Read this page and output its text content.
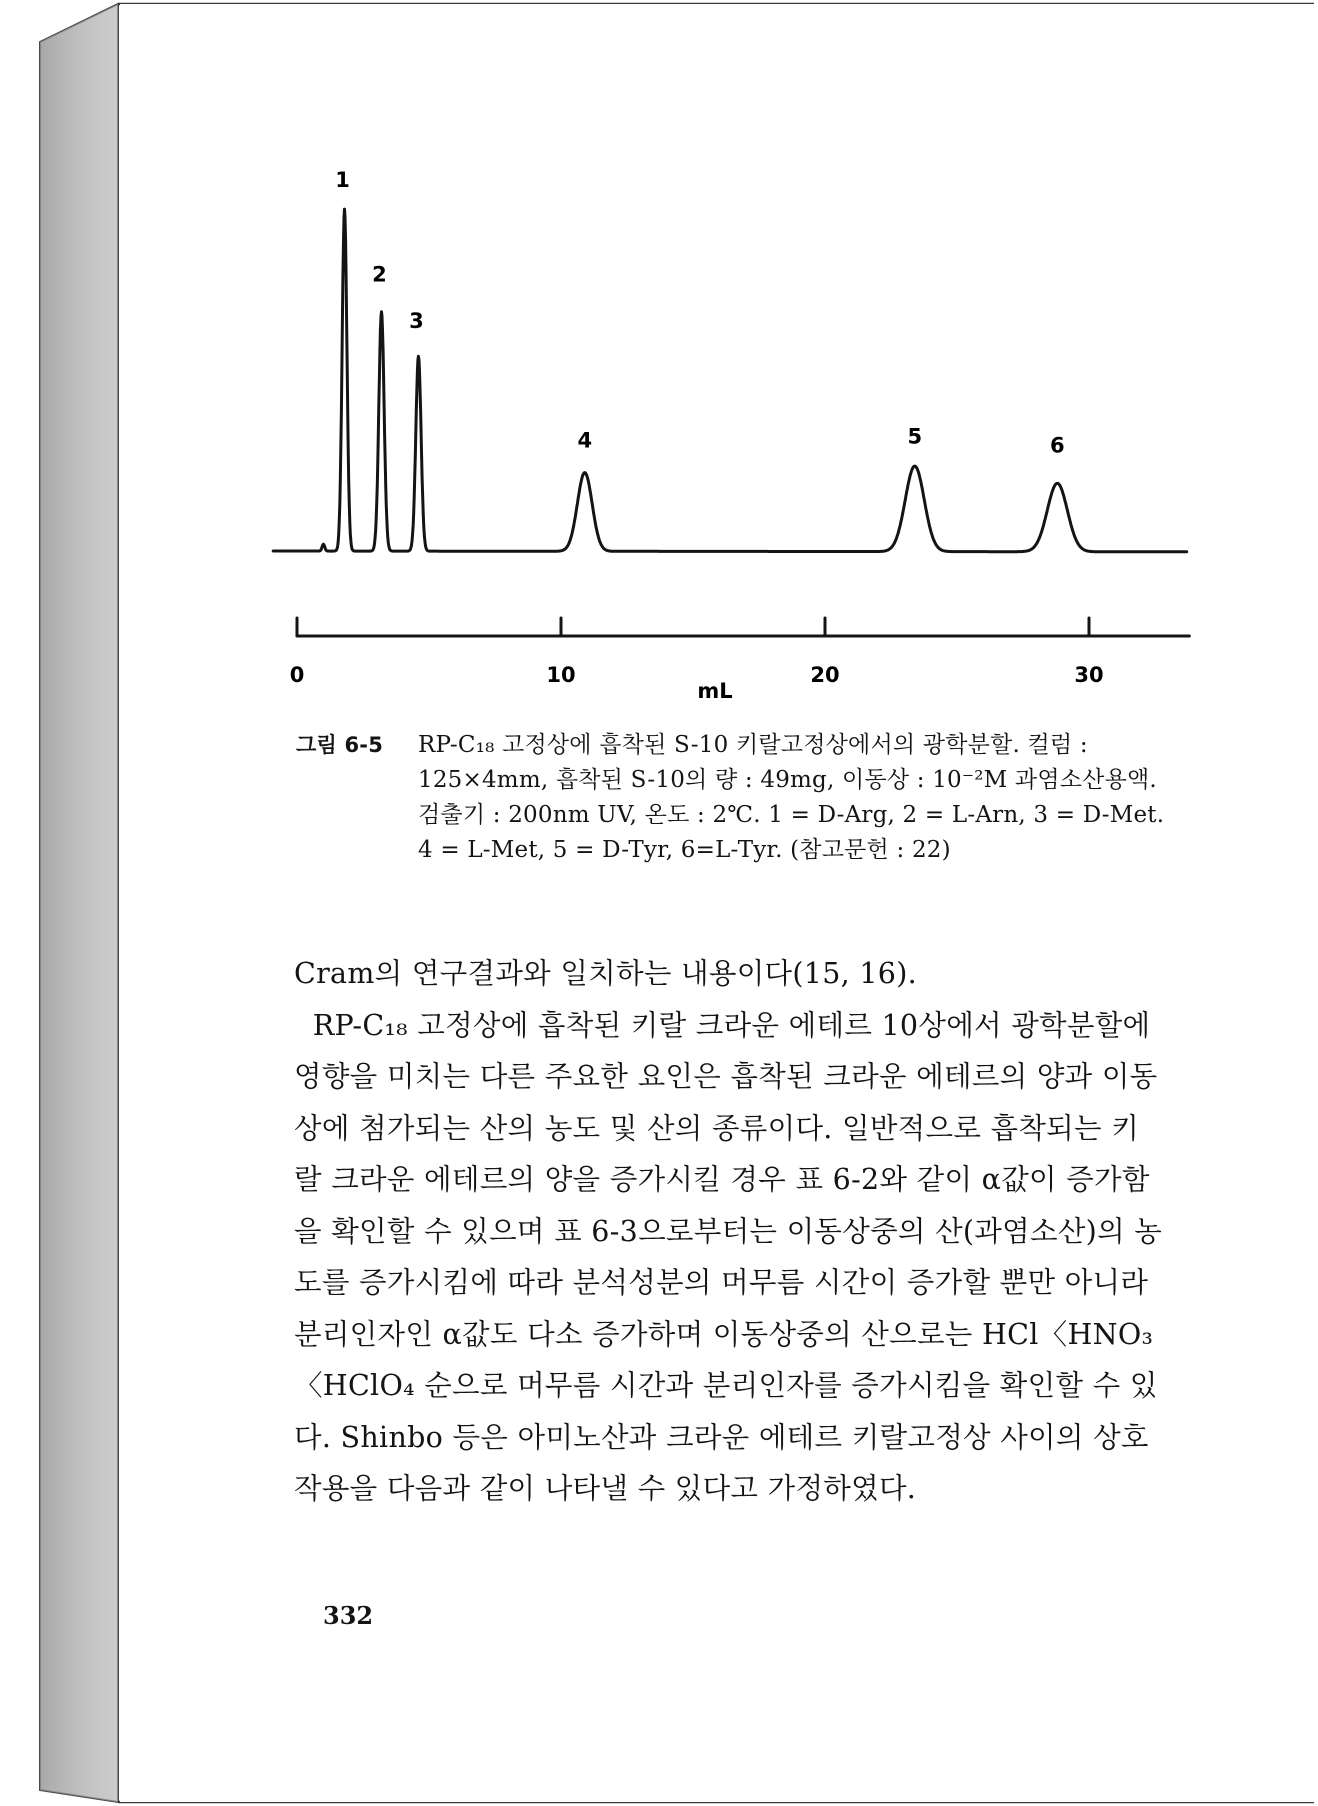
1
2
3
4	5	6
0	10	20	30
mL
그림 6-5 RP-C₁₈ 고정상에 흡착된 S-10 키랄고정상에서의 광학분할. 컬럼 :
125×4mm, 흡착된 S-10의 량 : 49mg, 이동상 : 10⁻²M 과염소산용액.
검출기 : 200nm UV, 온도 : 2℃. 1 = D-Arg, 2 = L-Arn, 3 = D-Met.
4 = L-Met, 5 = D-Tyr, 6=L-Tyr. (참고문헌 : 22)
Cram의 연구결과와 일치하는 내용이다(15, 16).
RP-C₁₈ 고정상에 흡착된 키랄 크라운 에테르 10상에서 광학분할에
영향을 미치는 다른 주요한 요인은 흡착된 크라운 에테르의 양과 이동
상에 첨가되는 산의 농도 및 산의 종류이다. 일반적으로 흡착되는 키
랄 크라운 에테르의 양을 증가시킬 경우 표 6-2와 같이 α값이 증가함
을 확인할 수 있으며 표 6-3으로부터는 이동상중의 산(과염소산)의 농
도를 증가시킴에 따라 분석성분의 머무름 시간이 증가할 뿐만 아니라
분리인자인 α값도 다소 증가하며 이동상중의 산으로는 HCl〈HNO₃
〈HClO₄ 순으로 머무름 시간과 분리인자를 증가시킴을 확인할 수 있
다. Shinbo 등은 아미노산과 크라운 에테르 키랄고정상 사이의 상호
작용을 다음과 같이 나타낼 수 있다고 가정하였다.
332
